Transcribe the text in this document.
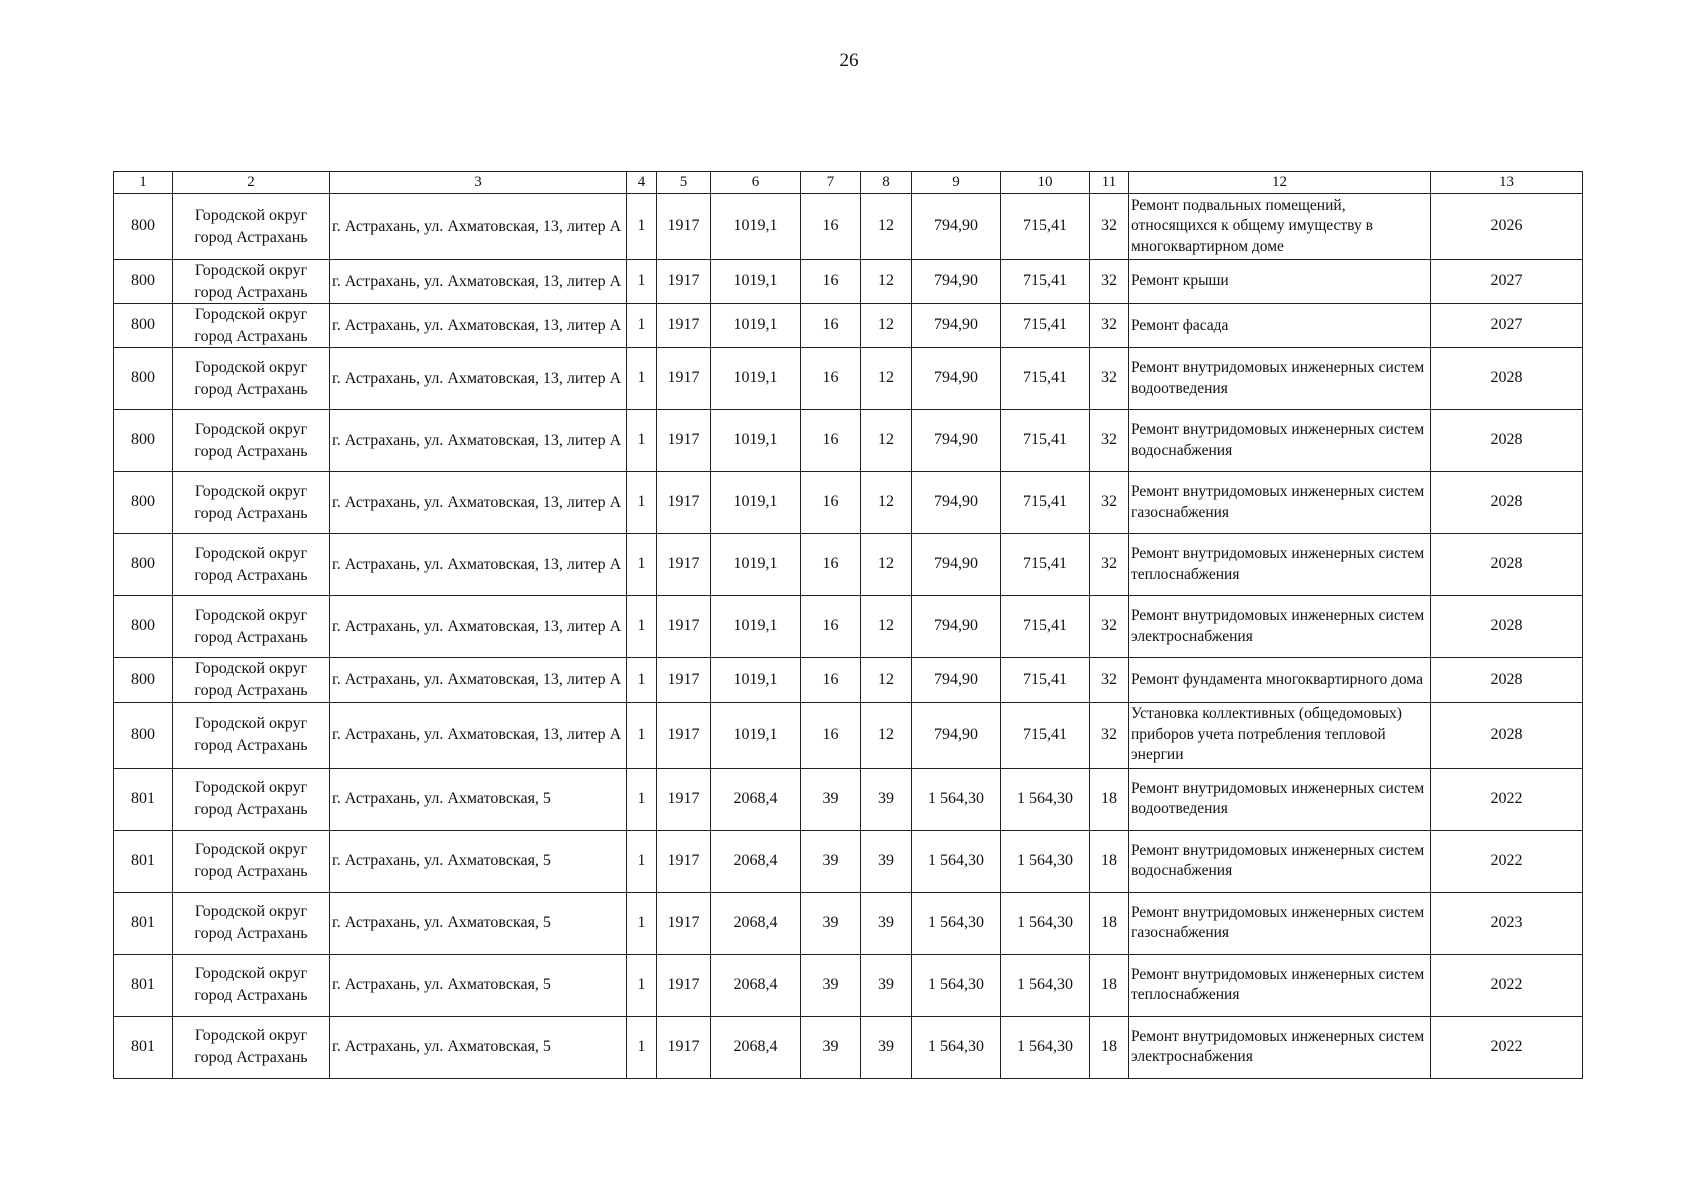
26
1	2	3	4	5	6	7	8	9	10	11	12	13
800	Городской округ город Астрахань	г. Астрахань, ул. Ахматовская, 13, литер А	1	1917	1019,1	16	12	794,90	715,41	32	Ремонт подвальных помещений, относящихся к общему имуществу в многоквартирном доме	2026
800	Городской округ город Астрахань	г. Астрахань, ул. Ахматовская, 13, литер А	1	1917	1019,1	16	12	794,90	715,41	32	Ремонт крыши	2027
800	Городской округ город Астрахань	г. Астрахань, ул. Ахматовская, 13, литер А	1	1917	1019,1	16	12	794,90	715,41	32	Ремонт фасада	2027
800	Городской округ город Астрахань	г. Астрахань, ул. Ахматовская, 13, литер А	1	1917	1019,1	16	12	794,90	715,41	32	Ремонт внутридомовых инженерных систем водоотведения	2028
800	Городской округ город Астрахань	г. Астрахань, ул. Ахматовская, 13, литер А	1	1917	1019,1	16	12	794,90	715,41	32	Ремонт внутридомовых инженерных систем водоснабжения	2028
800	Городской округ город Астрахань	г. Астрахань, ул. Ахматовская, 13, литер А	1	1917	1019,1	16	12	794,90	715,41	32	Ремонт внутридомовых инженерных систем газоснабжения	2028
800	Городской округ город Астрахань	г. Астрахань, ул. Ахматовская, 13, литер А	1	1917	1019,1	16	12	794,90	715,41	32	Ремонт внутридомовых инженерных систем теплоснабжения	2028
800	Городской округ город Астрахань	г. Астрахань, ул. Ахматовская, 13, литер А	1	1917	1019,1	16	12	794,90	715,41	32	Ремонт внутридомовых инженерных систем электроснабжения	2028
800	Городской округ город Астрахань	г. Астрахань, ул. Ахматовская, 13, литер А	1	1917	1019,1	16	12	794,90	715,41	32	Ремонт фундамента многоквартирного дома	2028
800	Городской округ город Астрахань	г. Астрахань, ул. Ахматовская, 13, литер А	1	1917	1019,1	16	12	794,90	715,41	32	Установка коллективных (общедомовых) приборов учета потребления тепловой энергии	2028
801	Городской округ город Астрахань	г. Астрахань, ул. Ахматовская, 5	1	1917	2068,4	39	39	1 564,30	1 564,30	18	Ремонт внутридомовых инженерных систем водоотведения	2022
801	Городской округ город Астрахань	г. Астрахань, ул. Ахматовская, 5	1	1917	2068,4	39	39	1 564,30	1 564,30	18	Ремонт внутридомовых инженерных систем водоснабжения	2022
801	Городской округ город Астрахань	г. Астрахань, ул. Ахматовская, 5	1	1917	2068,4	39	39	1 564,30	1 564,30	18	Ремонт внутридомовых инженерных систем газоснабжения	2023
801	Городской округ город Астрахань	г. Астрахань, ул. Ахматовская, 5	1	1917	2068,4	39	39	1 564,30	1 564,30	18	Ремонт внутридомовых инженерных систем теплоснабжения	2022
801	Городской округ город Астрахань	г. Астрахань, ул. Ахматовская, 5	1	1917	2068,4	39	39	1 564,30	1 564,30	18	Ремонт внутридомовых инженерных систем электроснабжения	2022
